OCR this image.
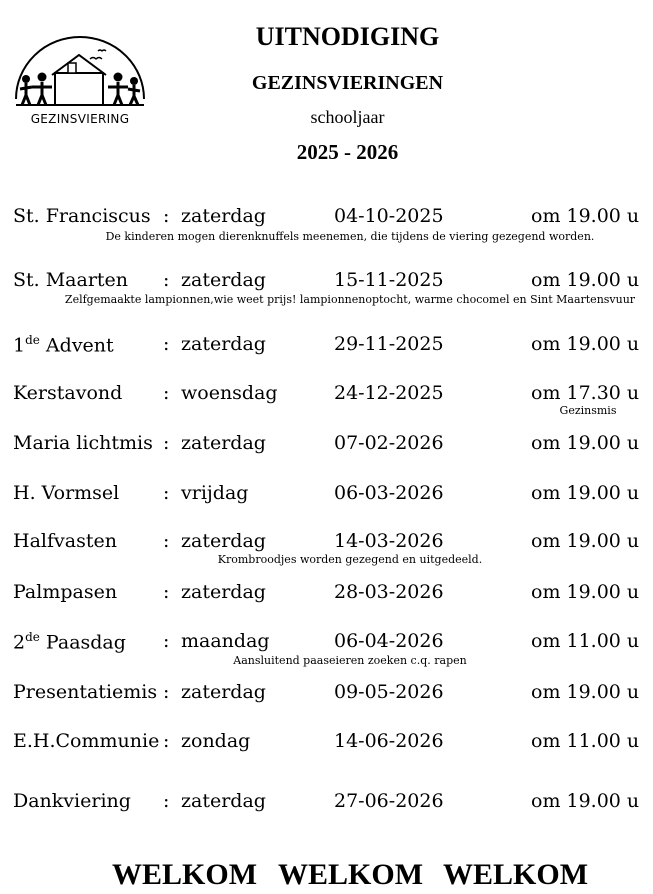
GEZINSVIERING
UITNODIGING
GEZINSVIERINGEN
schooljaar
2025 - 2026
St. Franciscus : zaterdag	04-10-2025	om 19.00 u
De kinderen mogen dierenknuffels meenemen, die tijdens de viering gezegend worden.
St. Maarten : zaterdag	15-11-2025	om 19.00 u
Zelfgemaakte lampionnen,wie weet prijs! lampionnenoptocht, warme chocomel en Sint Maartensvuur
1de Advent	: zaterdag	29-11-2025	om 19.00 u
Kerstavond : woensdag	24-12-2025	om 17.30 u
Gezinsmis
Maria lichtmis : zaterdag	07-02-2026	om 19.00 u
H. Vormsel : vrijdag	06-03-2026	om 19.00 u
Halfvasten : zaterdag	14-03-2026	om 19.00 u
Krombroodjes worden gezegend en uitgedeeld.
Palmpasen : zaterdag	28-03-2026	om 19.00 u
2de Paasdag : maandag	06-04-2026	om 11.00 u
Aansluitend paaseieren zoeken c.q. rapen
Presentatiemis : zaterdag	09-05-2026	om 19.00 u
E.H.Communie : zondag	14-06-2026	om 11.00 u
Dankviering : zaterdag	27-06-2026	om 19.00 u
WELKOM WELKOM WELKOM
